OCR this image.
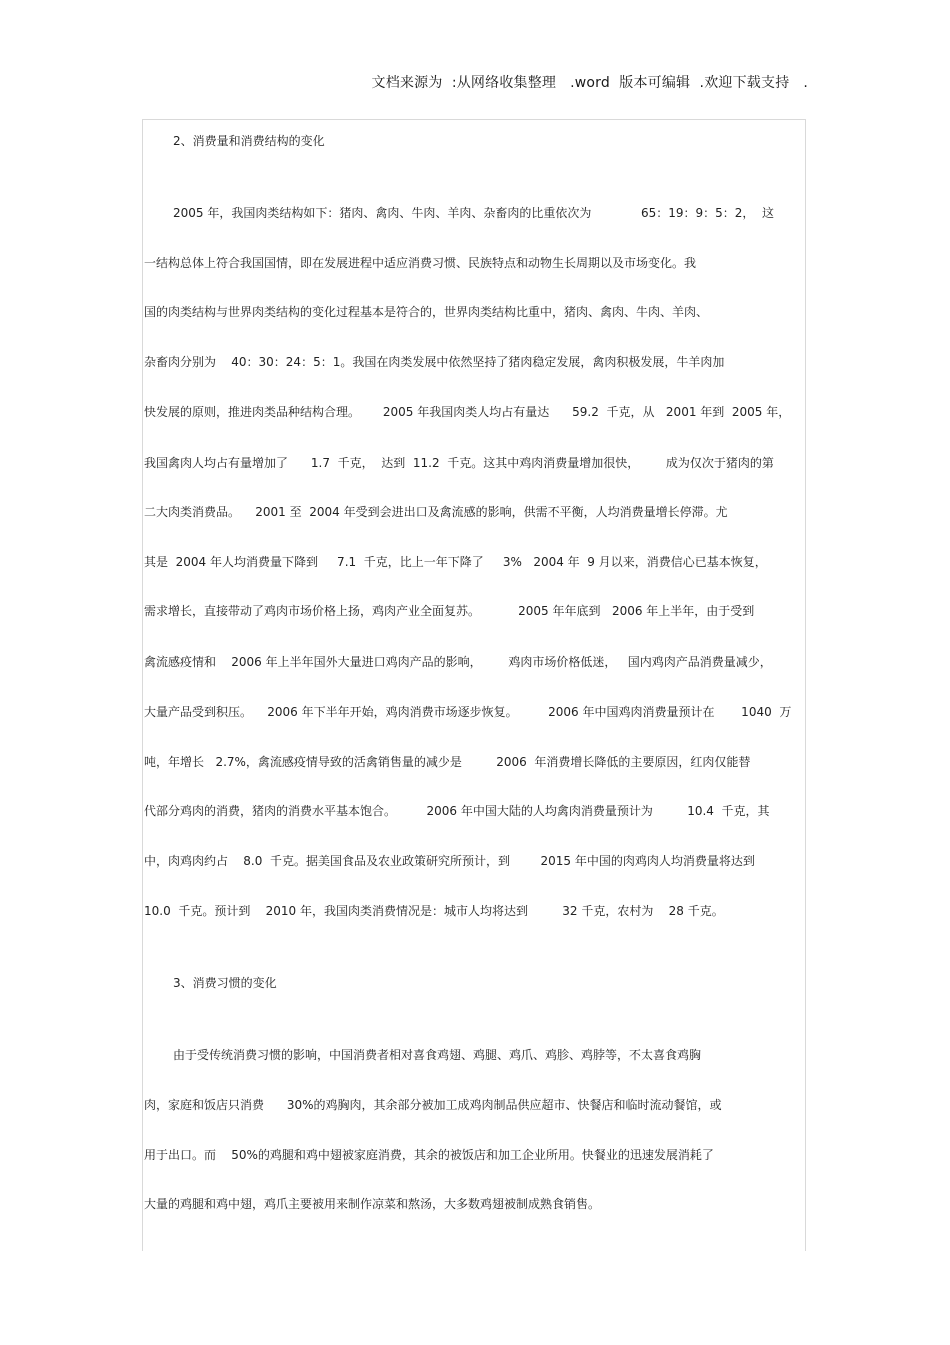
文档来源为  :从网络收集整理   .word  版本可编辑  .欢迎下载支持   .
2、消费量和消费结构的变化
2005 年，我国肉类结构如下：猪肉、禽肉、牛肉、羊肉、杂畜肉的比重依次为             65：19：9：5：2，  这
一结构总体上符合我国国情，即在发展进程中适应消费习惯、民族特点和动物生长周期以及市场变化。我
国的肉类结构与世界肉类结构的变化过程基本是符合的，世界肉类结构比重中，猪肉、禽肉、牛肉、羊肉、
杂畜肉分别为    40：30：24：5：1。我国在肉类发展中依然坚持了猪肉稳定发展，禽肉积极发展，牛羊肉加
快发展的原则，推进肉类品种结构合理。      2005 年我国肉类人均占有量达      59.2  千克，从   2001 年到  2005 年，
我国禽肉人均占有量增加了      1.7  千克，  达到  11.2  千克。这其中鸡肉消费量增加很快，       成为仅次于猪肉的第
二大肉类消费品。    2001 至  2004 年受到会进出口及禽流感的影响，供需不平衡，人均消费量增长停滞。尤
其是  2004 年人均消费量下降到     7.1  千克，比上一年下降了     3%   2004 年  9 月以来，消费信心已基本恢复，
需求增长，直接带动了鸡肉市场价格上扬，鸡肉产业全面复苏。          2005 年年底到   2006 年上半年，由于受到
禽流感疫情和    2006 年上半年国外大量进口鸡肉产品的影响，       鸡肉市场价格低迷，   国内鸡肉产品消费量减少，
大量产品受到积压。    2006 年下半年开始，鸡肉消费市场逐步恢复。        2006 年中国鸡肉消费量预计在       1040  万
吨，年增长   2.7%，禽流感疫情导致的活禽销售量的减少是         2006  年消费增长降低的主要原因，红肉仅能替
代部分鸡肉的消费，猪肉的消费水平基本饱合。        2006 年中国大陆的人均禽肉消费量预计为         10.4  千克，其
中，肉鸡肉约占    8.0  千克。据美国食品及农业政策研究所预计，到        2015 年中国的肉鸡肉人均消费量将达到
10.0  千克。预计到    2010 年，我国肉类消费情况是：城市人均将达到         32 千克，农村为    28 千克。
3、消费习惯的变化
由于受传统消费习惯的影响，中国消费者相对喜食鸡翅、鸡腿、鸡爪、鸡胗、鸡脖等，不太喜食鸡胸
肉，家庭和饭店只消费      30%的鸡胸肉，其余部分被加工成鸡肉制品供应超市、快餐店和临时流动餐馆，或
用于出口。而    50%的鸡腿和鸡中翅被家庭消费，其余的被饭店和加工企业所用。快餐业的迅速发展消耗了
大量的鸡腿和鸡中翅，鸡爪主要被用来制作凉菜和熬汤，大多数鸡翅被制成熟食销售。
